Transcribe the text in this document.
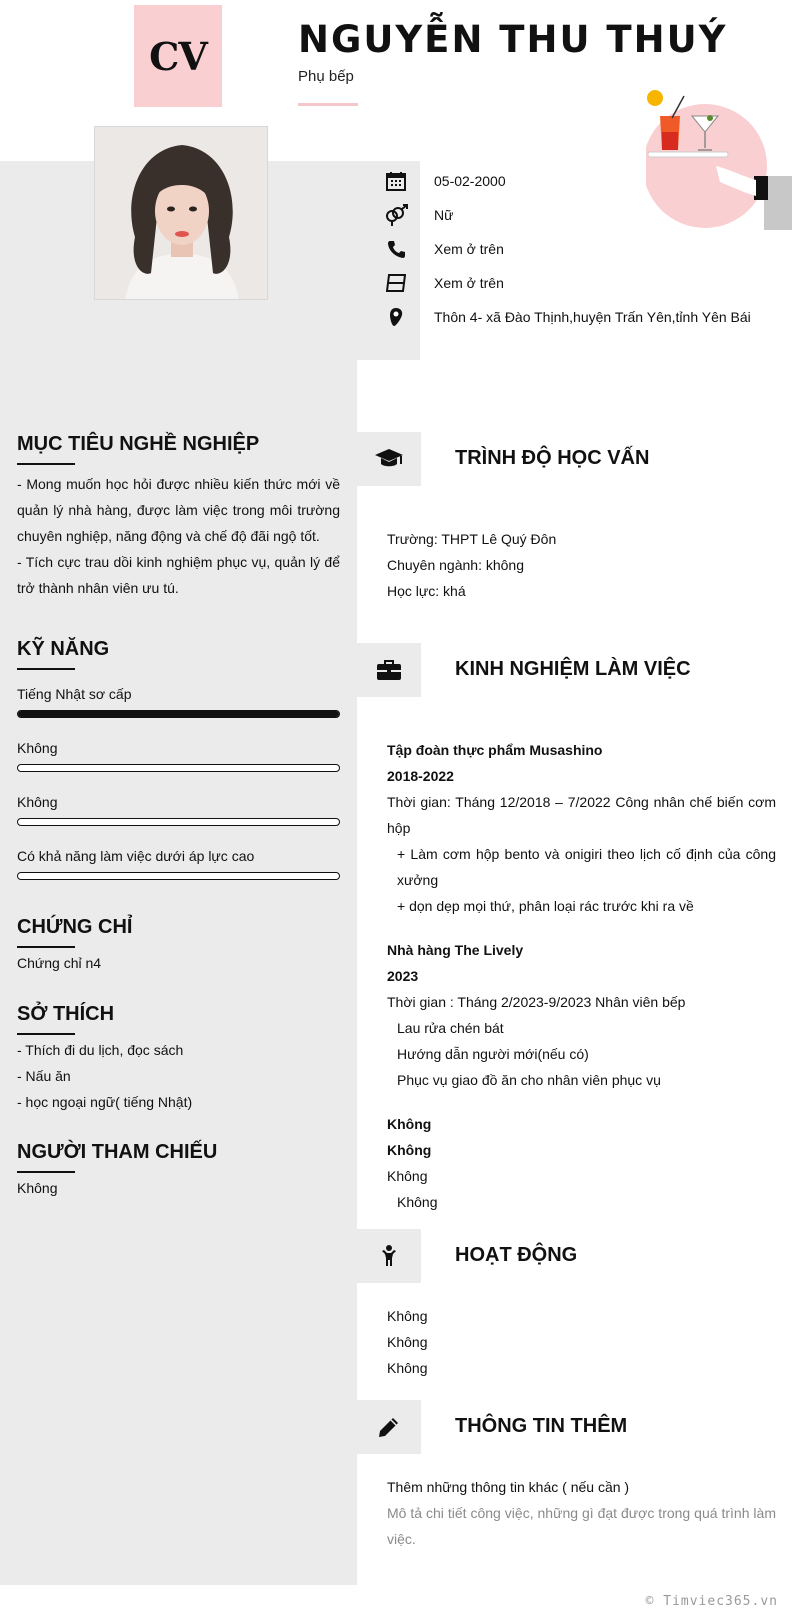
CV	NGUYỄN THU THUÝ
Phụ bếp
05-02-2000
Nữ
Xem ở trên
Xem ở trên
Thôn 4- xã Đào Thịnh,huyện Trấn Yên,tỉnh Yên Bái
MỤC TIÊU NGHỀ NGHIỆP
- Mong muốn học hỏi được nhiều kiến thức mới về quản lý nhà hàng, được làm việc trong môi trường chuyên nghiệp, năng động và chế độ đãi ngộ tốt.
- Tích cực trau dồi kinh nghiệm phục vụ, quản lý để trở thành nhân viên ưu tú.
KỸ NĂNG
Tiếng Nhật sơ cấp
Không
Không
Có khả năng làm việc dưới áp lực cao
CHỨNG CHỈ
Chứng chỉ n4
SỞ THÍCH
- Thích đi du lịch, đọc sách
- Nấu ăn
- học ngoại ngữ( tiếng Nhật)
NGƯỜI THAM CHIẾU
Không
TRÌNH ĐỘ HỌC VẤN
Trường: THPT Lê Quý Đôn
Chuyên ngành: không
Học lực: khá
KINH NGHIỆM LÀM VIỆC
Tập đoàn thực phẩm Musashino
2018-2022
Thời gian: Tháng 12/2018 – 7/2022 Công nhân chế biến cơm hộp
+ Làm cơm hộp bento và onigiri theo lịch cố định của công xưởng
+ dọn dẹp mọi thứ, phân loại rác trước khi ra về
Nhà hàng The Lively
2023
Thời gian : Tháng 2/2023-9/2023 Nhân viên bếp
Lau rửa chén bát
Hướng dẫn người mới(nếu có)
Phục vụ giao đồ ăn cho nhân viên phục vụ
Không
Không
Không
Không
HOẠT ĐỘNG
Không
Không
Không
THÔNG TIN THÊM
Thêm những thông tin khác ( nếu cần )
Mô tả chi tiết công việc, những gì đạt được trong quá trình làm việc.
© Timviec365.vn
